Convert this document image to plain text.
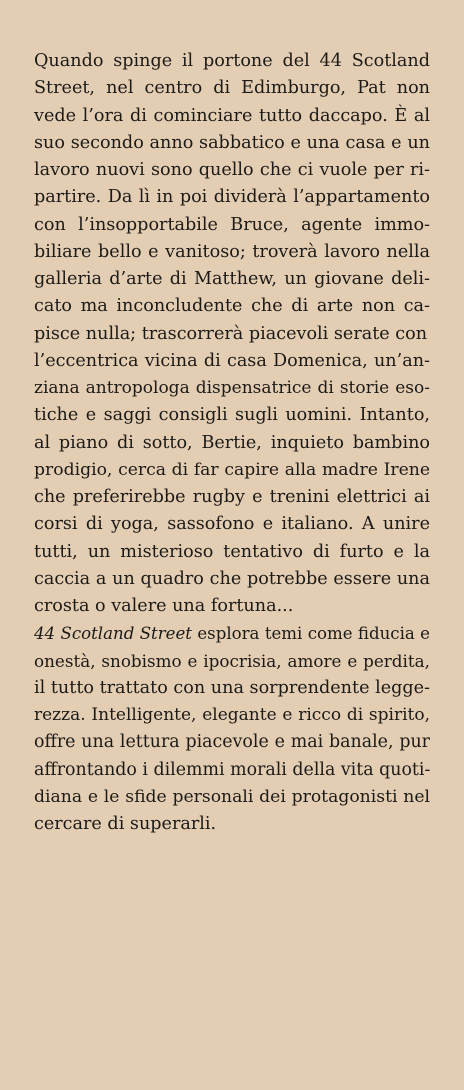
Quando spinge il portone del 44 Scotland
Street, nel centro di Edimburgo, Pat non
vede l’ora di cominciare tutto daccapo. È al
suo secondo anno sabbatico e una casa e un
lavoro nuovi sono quello che ci vuole per ri-
partire. Da lì in poi dividerà l’appartamento
con l’insopportabile Bruce, agente immo-
biliare bello e vanitoso; troverà lavoro nella
galleria d’arte di Matthew, un giovane deli-
cato ma inconcludente che di arte non ca-
pisce nulla; trascorrerà piacevoli serate con
l’eccentrica vicina di casa Domenica, un’an-
ziana antropologa dispensatrice di storie eso-
tiche e saggi consigli sugli uomini. Intanto,
al piano di sotto, Bertie, inquieto bambino
prodigio, cerca di far capire alla madre Irene
che preferirebbe rugby e trenini elettrici ai
corsi di yoga, sassofono e italiano. A unire
tutti, un misterioso tentativo di furto e la
caccia a un quadro che potrebbe essere una
crosta o valere una fortuna...
44 Scotland Street esplora temi come fiducia e
onestà, snobismo e ipocrisia, amore e perdita,
il tutto trattato con una sorprendente legge-
rezza. Intelligente, elegante e ricco di spirito,
offre una lettura piacevole e mai banale, pur
affrontando i dilemmi morali della vita quoti-
diana e le sfide personali dei protagonisti nel
cercare di superarli.
